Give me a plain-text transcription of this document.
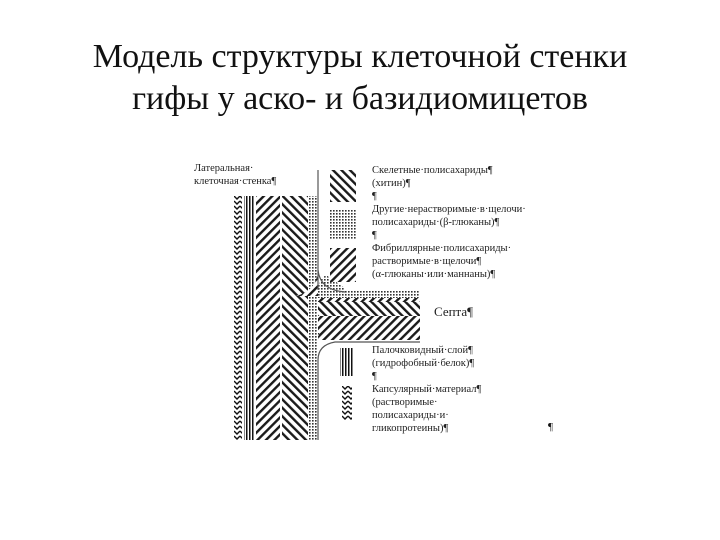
Модель структуры клеточной стенки
гифы у аско- и базидиомицетов
Латеральная·
клеточная·стенка¶
Септа¶
Скелетные·полисахариды¶
(хитин)¶
¶
Другие·нерастворимые·в·щелочи·
полисахариды·(β-глюканы)¶
¶
Фибриллярные·полисахариды·
растворимые·в·щелочи¶
(α-глюканы·или·маннаны)¶
Палочковидный·слой¶
(гидрофобный·белок)¶
¶
Капсулярный·материал¶
(растворимые·
полисахариды·и·
гликопротеины)¶	¶
